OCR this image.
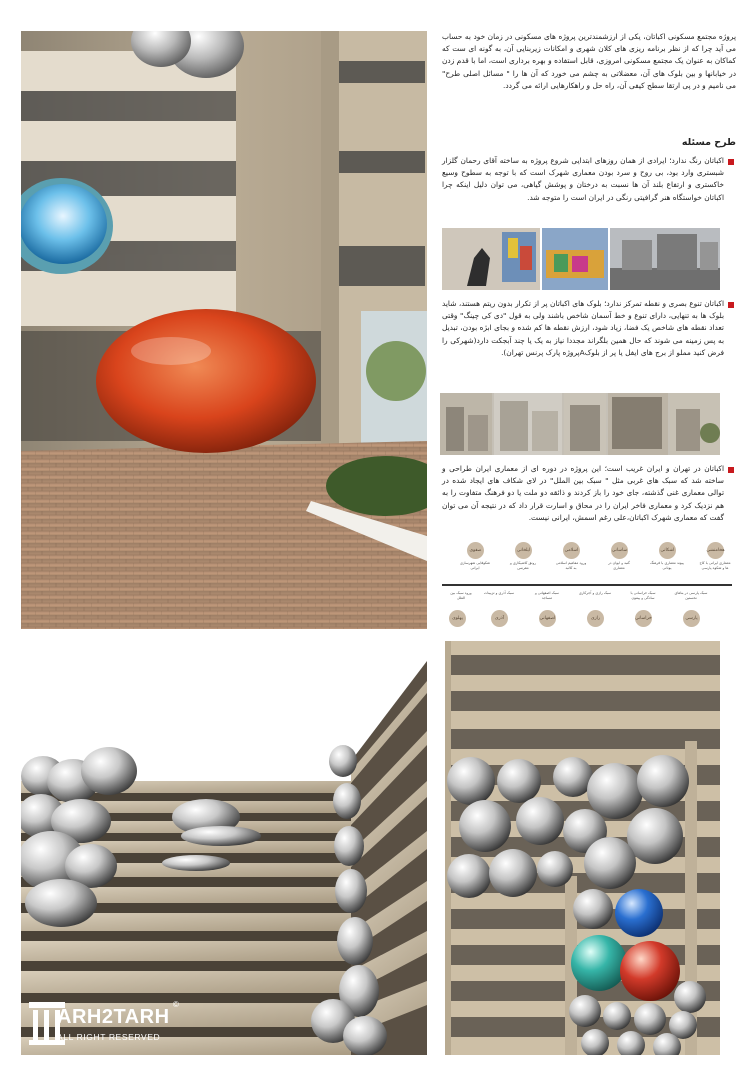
پروژه مجتمع مسکونی اکباتان، یکی از ارزشمندترین پروژه های مسکونی در زمان خود به حساب می آید چرا که از نظر برنامه ریزی های کلان شهری و امکانات زیربنایی آن، به گونه ای ست که کماکان به عنوان یک مجتمع مسکونی امروزی، قابل استفاده و بهره برداری است، اما با قدم زدن در خیابانها و بین بلوک های آن، معضلاتی به چشم می خورد که آن ها را " مسائل اصلی طرح" می نامیم و در پی ارتقا سطح کیفی آن، راه حل و راهکارهایی ارائه می گردد.
طرح مسئله
اکباتان رنگ ندارد؛ ایرادی از همان روزهای ابتدایی شروع پروژه به ساخته آقای رحمان گلزار شبستری وارد بود، بی روح و سرد بودن معماری شهرک است که با توجه به سطوح وسیع خاکستری و ارتفاع بلند آن ها نسبت به درختان و پوشش گیاهی، می توان دلیل اینکه چرا اکباتان خواستگاه هنر گرافیتی رنگی در ایران است را متوجه شد.
اکباتان تنوع بصری و نقطه تمرکز ندارد؛ بلوک های اکباتان پر از تکرار بدون ریتم هستند، شاید بلوک ها به تنهایی، دارای تنوع و خط آسمان شاخص باشند ولی به قول "دی کی چینگ" وقتی تعداد نقطه های شاخص یک فضا، زیاد شود، ارزش نقطه ها کم شده و بجای ابژه بودن، تبدیل به پس زمینه می شوند که حال همین بلگراند مجددا نیاز به یک یا چند آبجکت دارد(شهرکی را فرض کنید مملو از برج های ایفل یا پر از بلوکAپروژه پارک پرنس تهران).
اکباتان در تهران و ایران غریب است؛ این پروژه در دوره ای از معماری ایران طراحی و ساخته شد که سبک های غربی مثل " سبک بین الملل" در لای شکاف های ایجاد شده در توالی معماری غنی گذشته، جای خود را باز کردند و ذائقه دو ملت یا دو فرهنگ متفاوت را به هم نزدیک کرد و معماری فاخر ایران را در محاق و اسارت قرار داد که در نتیجه آن می توان گفت که معماری شهرک اکباتان،علی رغم اسمش، ایرانی نیست.
هخامنشی
اشکانی
ساسانی
اسلامی
ایلخانی
صفوی
معماری ایرانی با کاخ ها و شکوه پارسی
پیوند معماری با فرهنگ یونانی
گنبد و ایوان در معماری
ورود مفاهیم اسلامی به کالبد
رونق کاشیکاری و مقرنس
شکوفایی شهرسازی ایرانی
سبک پارسی در بناهای نخستین
سبک خراسانی با سادگی و پیمون
سبک رازی و آجرکاری
سبک اصفهانی و مساجد
سبک آذری و تزیینات
ورود سبک بین الملل
پارسی
خراسانی
رازی
اصفهانی
آذری
پهلوی
ARH2TARH
©
ALL RIGHT RESERVED
